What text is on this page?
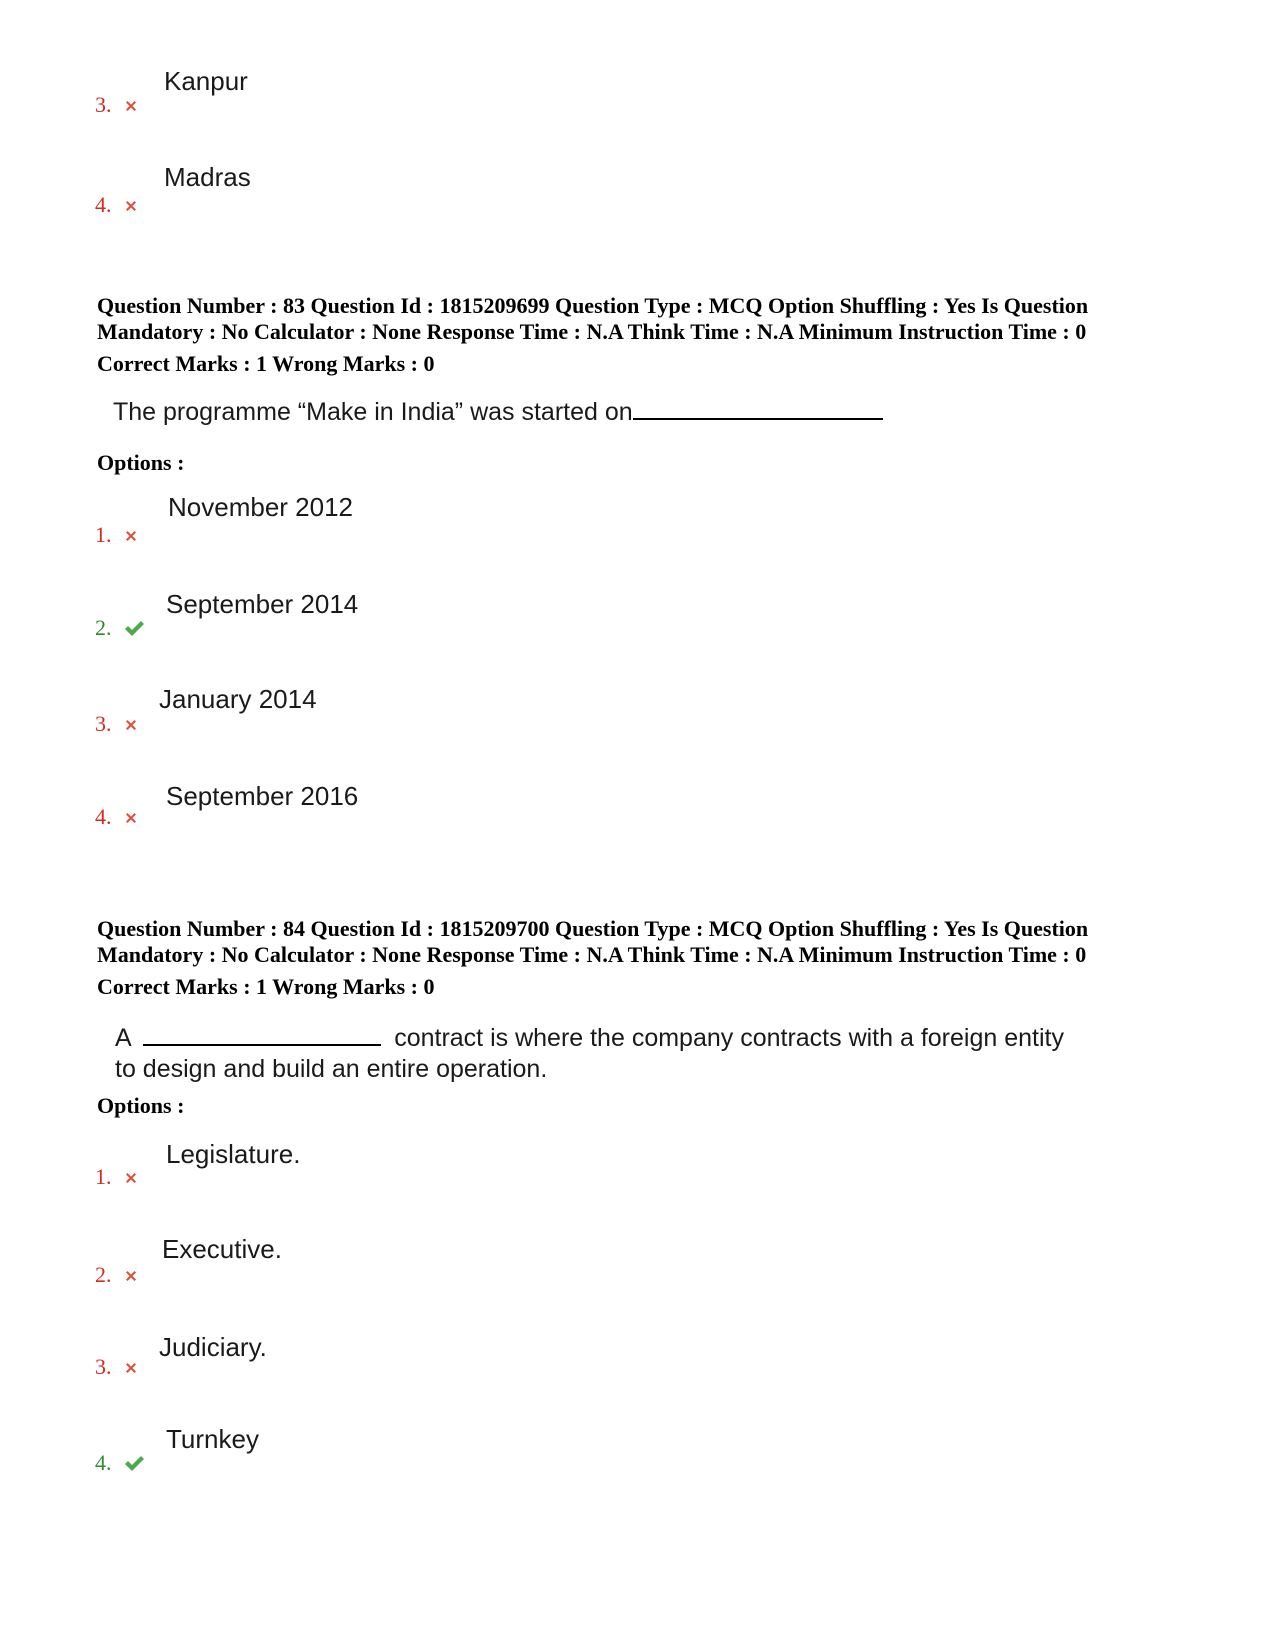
Kanpur
3.
Madras
4.
Question Number : 83 Question Id : 1815209699 Question Type : MCQ Option Shuffling : Yes Is Question
Mandatory : No Calculator : None Response Time : N.A Think Time : N.A Minimum Instruction Time : 0
Correct Marks : 1 Wrong Marks : 0
The programme “Make in India” was started on
Options :
November 2012
1.
September 2014
2.
January 2014
3.
September 2016
4.
Question Number : 84 Question Id : 1815209700 Question Type : MCQ Option Shuffling : Yes Is Question
Mandatory : No Calculator : None Response Time : N.A Think Time : N.A Minimum Instruction Time : 0
Correct Marks : 1 Wrong Marks : 0
A	contract is where the company contracts with a foreign entity
to design and build an entire operation.
Options :
Legislature.
1.
Executive.
2.
Judiciary.
3.
Turnkey
4.
